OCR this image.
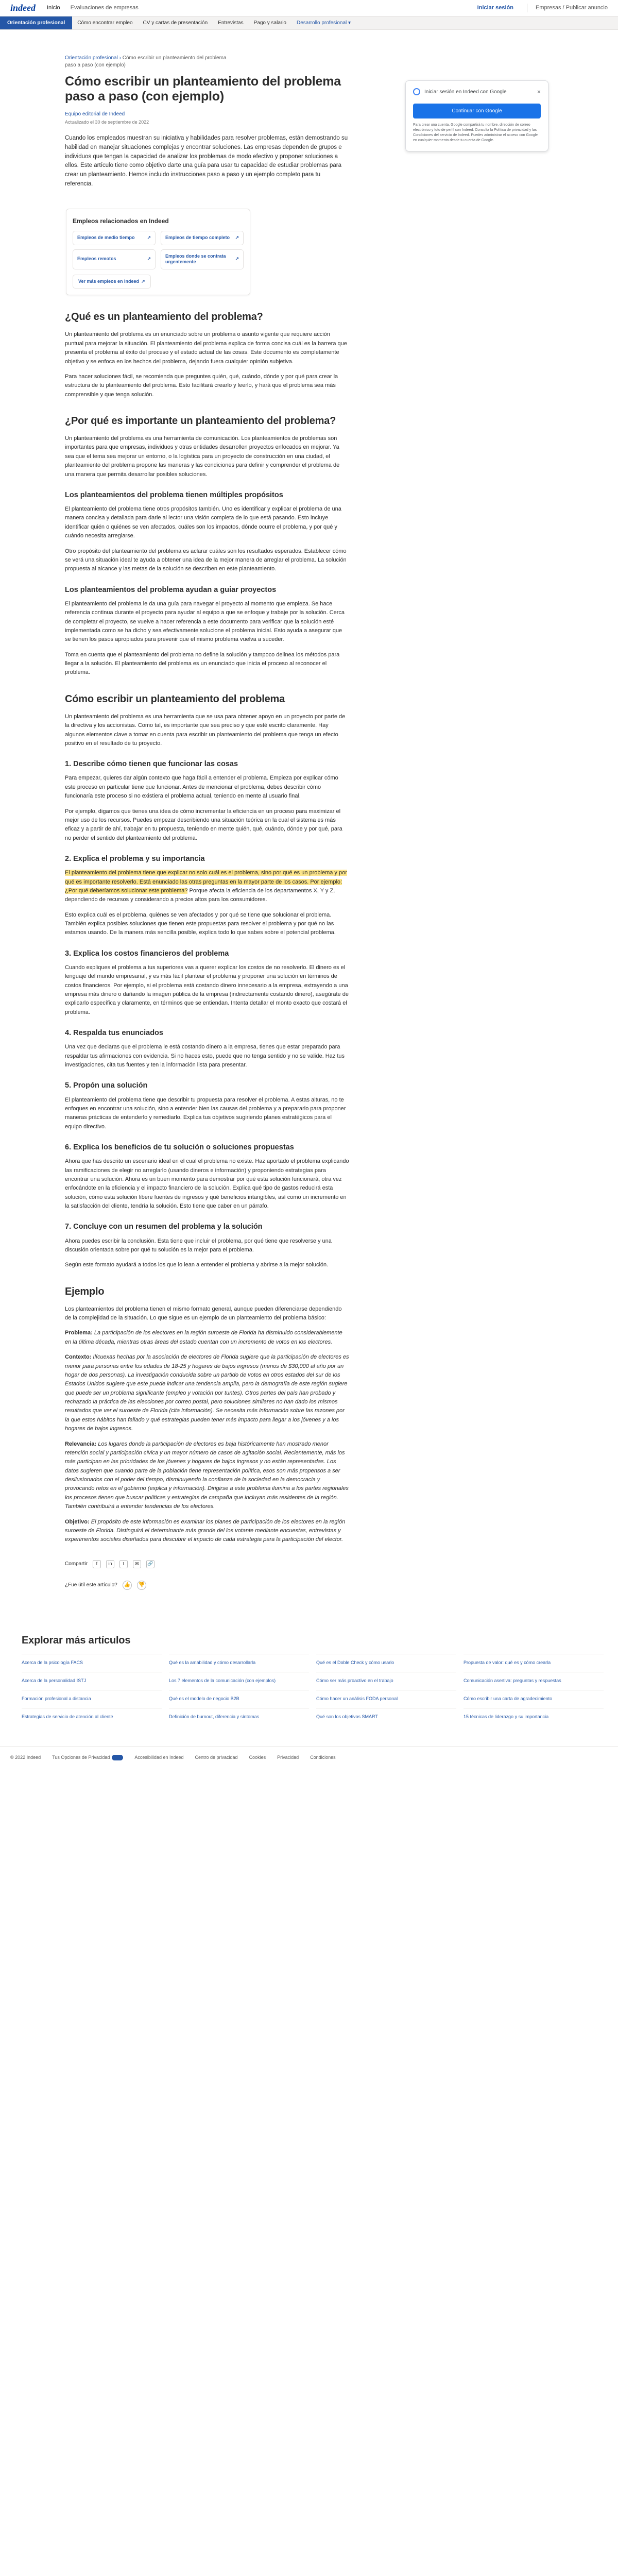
indeed Inicio Evaluaciones de empresas	Iniciar sesión	Empresas / Publicar anuncio
Orientación profesional	Cómo encontrar empleo	CV y cartas de presentación	Entrevistas	Pago y salario	Desarrollo profesional ▾
Iniciar sesión en Indeed con Google	×
Continuar con Google

Para crear una cuenta, Google compartirá tu nombre, dirección de correo electrónico y foto de perfil con Indeed. Consulta la Política de privacidad y las Condiciones del servicio de Indeed. Puedes administrar el acceso con Google en cualquier momento desde tu cuenta de Google.

Orientación profesional › Cómo escribir un planteamiento del problema paso a paso (con ejemplo)
Cómo escribir un planteamiento del problema paso a paso (con ejemplo)
Equipo editorial de Indeed
Actualizado el 30 de septiembre de 2022

Cuando los empleados muestran su iniciativa y habilidades para resolver problemas, están demostrando su habilidad en manejar situaciones complejas y encontrar soluciones. Las empresas dependen de grupos e individuos que tengan la capacidad de analizar los problemas de modo efectivo y proponer soluciones a ellos. Este artículo tiene como objetivo darte una guía para usar tu capacidad de estudiar problemas para crear un planteamiento. Hemos incluido instrucciones paso a paso y un ejemplo completo para tu referencia.

Empleos relacionados en Indeed
Empleos de medio tiempo	↗	Empleos de tiempo completo ↗
Empleos remotos	↗
Empleos donde se contrata urgentemente
↗
Ver más empleos en Indeed ↗
¿Qué es un planteamiento del problema?

Un planteamiento del problema es un enunciado sobre un problema o asunto vigente que requiere acción puntual para mejorar la situación. El planteamiento del problema explica de forma concisa cuál es la barrera que presenta el problema al éxito del proceso y el estado actual de las cosas. Este documento es completamente objetivo y se enfoca en los hechos del problema, dejando fuera cualquier opinión subjetiva.

Para hacer soluciones fácil, se recomienda que preguntes quién, qué, cuándo, dónde y por qué para crear la estructura de tu planteamiento del problema. Esto facilitará crearlo y leerlo, y hará que el problema sea más comprensible y que tenga solución.

¿Por qué es importante un planteamiento del problema?

Un planteamiento del problema es una herramienta de comunicación. Los planteamientos de problemas son importantes para que empresas, individuos y otras entidades desarrollen proyectos enfocados en mejorar. Ya sea que el tema sea mejorar un entorno, o la logística para un proyecto de construcción en una ciudad, el planteamiento del problema propone las maneras y las condiciones para definir y comprender el problema de una manera que permita desarrollar posibles soluciones.

Los planteamientos del problema tienen múltiples propósitos

El planteamiento del problema tiene otros propósitos también. Uno es identificar y explicar el problema de una manera concisa y detallada para darle al lector una visión completa de lo que está pasando. Esto incluye identificar quién o quiénes se ven afectados, cuáles son los impactos, dónde ocurre el problema, y por qué y cuándo necesita arreglarse.

Otro propósito del planteamiento del problema es aclarar cuáles son los resultados esperados. Establecer cómo se verá una situación ideal te ayuda a obtener una idea de la mejor manera de arreglar el problema. La solución propuesta al alcance y las metas de la solución se describen en este planteamiento.

Los planteamientos del problema ayudan a guiar proyectos

El planteamiento del problema le da una guía para navegar el proyecto al momento que empieza. Se hace referencia continua durante el proyecto para ayudar al equipo a que se enfoque y trabaje por la solución. Cerca de completar el proyecto, se vuelve a hacer referencia a este documento para verificar que la solución esté implementada como se ha dicho y sea efectivamente solucione el problema inicial. Esto ayuda a asegurar que se tienen los pasos apropiados para prevenir que el mismo problema vuelva a suceder.

Toma en cuenta que el planteamiento del problema no define la solución y tampoco delinea los métodos para llegar a la solución. El planteamiento del problema es un enunciado que inicia el proceso al reconocer el problema.

Cómo escribir un planteamiento del problema

Un planteamiento del problema es una herramienta que se usa para obtener apoyo en un proyecto por parte de la directiva y los accionistas. Como tal, es importante que sea preciso y que esté escrito claramente. Hay algunos elementos clave a tomar en cuenta para escribir un planteamiento del problema que tenga un efecto positivo en el resultado de tu proyecto.

1. Describe cómo tienen que funcionar las cosas

Para empezar, quieres dar algún contexto que haga fácil a entender el problema. Empieza por explicar cómo este proceso en particular tiene que funcionar. Antes de mencionar el problema, debes describir cómo funcionaría este proceso si no existiera el problema actual, teniendo en mente al usuario final.

Por ejemplo, digamos que tienes una idea de cómo incrementar la eficiencia en un proceso para maximizar el mejor uso de los recursos. Puedes empezar describiendo una situación teórica en la cual el sistema es más eficaz y a partir de ahí, trabajar en tu propuesta, teniendo en mente quién, qué, cuándo, dónde y por qué, para no perder el sentido del planteamiento del problema.

2. Explica el problema y su importancia

El planteamiento del problema tiene que explicar no solo cuál es el problema, sino por qué es un problema y por qué es importante resolverlo. Está enunciado las otras preguntas en la mayor parte de los casos. Por ejemplo: ¿Por qué deberíamos solucionar este problema? Porque afecta la eficiencia de los departamentos X, Y y Z, dependiendo de recursos y considerando a precios altos para los consumidores.

Esto explica cuál es el problema, quiénes se ven afectados y por qué se tiene que solucionar el problema. También explica posibles soluciones que tienen este propuestas para resolver el problema y por qué no las estamos usando. De la manera más sencilla posible, explica todo lo que sabes sobre el potencial problema.

3. Explica los costos financieros del problema

Cuando expliques el problema a tus superiores vas a querer explicar los costos de no resolverlo. El dinero es el lenguaje del mundo empresarial, y es más fácil plantear el problema y proponer una solución en términos de costos financieros. Por ejemplo, si el problema está costando dinero innecesario a la empresa, extrayendo a una empresa más dinero o dañando la imagen pública de la empresa (indirectamente costando dinero), asegúrate de explicarlo específica y claramente, en términos que se entiendan. Intenta detallar el monto exacto que costará el problema.

4. Respalda tus enunciados

Una vez que declaras que el problema le está costando dinero a la empresa, tienes que estar preparado para respaldar tus afirmaciones con evidencia. Si no haces esto, puede que no tenga sentido y no se valide. Haz tus investigaciones, cita tus fuentes y ten la información lista para presentar.

5. Propón una solución

El planteamiento del problema tiene que describir tu propuesta para resolver el problema. A estas alturas, no te enfoques en encontrar una solución, sino a entender bien las causas del problema y a prepararlo para proponer maneras prácticas de entenderlo y remediarlo. Explica tus objetivos sugiriendo planes estratégicos para el equipo directivo.

6. Explica los beneficios de tu solución o soluciones propuestas

Ahora que has descrito un escenario ideal en el cual el problema no existe. Haz aportado el problema explicando las ramificaciones de elegir no arreglarlo (usando dineros e información) y proponiendo estrategias para encontrar una solución. Ahora es un buen momento para demostrar por qué esta solución funcionará, otra vez enfocándote en la eficiencia y el impacto financiero de la solución. Explica qué tipo de gastos reducirá esta solución, cómo esta solución libere fuentes de ingresos y qué beneficios intangibles, así como un incremento en la satisfacción del cliente, tendría la solución. Esto tiene que caber en un párrafo.

7. Concluye con un resumen del problema y la solución

Ahora puedes escribir la conclusión. Esta tiene que incluir el problema, por qué tiene que resolverse y una discusión orientada sobre por qué tu solución es la mejor para el problema.

Según este formato ayudará a todos los que lo lean a entender el problema y abrirse a la mejor solución.

Ejemplo

Los planteamientos del problema tienen el mismo formato general, aunque pueden diferenciarse dependiendo de la complejidad de la situación. Lo que sigue es un ejemplo de un planteamiento del problema básico:

Problema: La participación de los electores en la región suroeste de Florida ha disminuido considerablemente en la última década, mientras otras áreas del estado cuentan con un incremento de votos en los electores.

Contexto: Ilícuexas hechas por la asociación de electores de Florida sugiere que la participación de electores es menor para personas entre los edades de 18-25 y hogares de bajos ingresos (menos de $30,000 al año por un hogar de dos personas). La investigación conducida sobre un partido de votos en otros estados del sur de los Estados Unidos sugiere que este puede indicar una tendencia amplia, pero la demografía de este región sugiere que puede ser un problema significante (empleo y votación por tuntes). Otros partes del país han probado y rechazado la práctica de las elecciones por correo postal, pero soluciones similares no han dado los mismos resultados que ver el suroeste de Florida (cita información). Se necesita más información sobre las razones por la que estos hábitos han fallado y qué estrategias pueden tener más impacto para llegar a los jóvenes y a los hogares de bajos ingresos.

Relevancia: Los lugares donde la participación de electores es baja históricamente han mostrado menor retención social y participación cívica y un mayor número de casos de agitación social. Recientemente, más los más participan en las prioridades de los jóvenes y hogares de bajos ingresos y no están representadas. Los datos sugieren que cuando parte de la población tiene representación política, esos son más propensos a ser desilusionados con el poder del tiempo, disminuyendo la confianza de la sociedad en la democracia y provocando retos en el gobierno (explica y información). Dirigirse a este problema ilumina a los partes regionales los procesos tienen que buscar políticas y estrategias de campaña que incluyan más residentes de la región. También contribuirá a entender tendencias de los electores.

Objetivo: El propósito de este información es examinar los planes de participación de los electores en la región suroeste de Florida. Distinguirá el determinante más grande del los votante mediante encuestas, entrevistas y experimentos sociales diseñados para descubrir el impacto de cada estrategia para la participación del elector.

Compartir	f	in	t	✉	🔗
¿Fue útil este artículo? 👍 👎
Explorar más artículos
Acerca de la psicología FACS	Qué es la amabilidad y cómo desarrollarla	Qué es el Doble Check y cómo usarlo	Propuesta de valor: qué es y cómo crearla
Acerca de la personalidad ISTJ	Los 7 elementos de la comunicación (con ejemplos)	Cómo ser más proactivo en el trabajo	Comunicación asertiva: preguntas y respuestas
Formación profesional a distancia	Qué es el modelo de negocio B2B	Cómo hacer un análisis FODA personal	Cómo escribir una carta de agradecimiento
Estrategias de servicio de atención al cliente	Definición de burnout, diferencia y síntomas	Qué son los objetivos SMART	15 técnicas de liderazgo y su importancia
© 2022 Indeed Tus Opciones de Privacidad	Accesibilidad en Indeed Centro de privacidad Cookies Privacidad Condiciones
